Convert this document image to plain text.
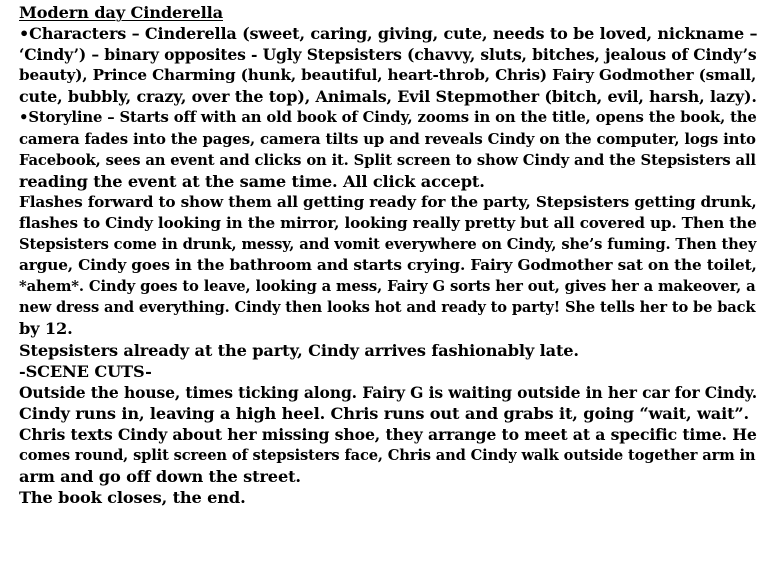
Modern day Cinderella
•Characters – Cinderella (sweet, caring, giving, cute, needs to be loved, nickname –
‘Cindy’) – binary opposites - Ugly Stepsisters (chavvy, sluts, bitches, jealous of Cindy’s
beauty), Prince Charming (hunk, beautiful, heart-throb, Chris) Fairy Godmother (small,
cute, bubbly, crazy, over the top), Animals, Evil Stepmother (bitch, evil, harsh, lazy).
•Storyline – Starts off with an old book of Cindy, zooms in on the title, opens the book, the
camera fades into the pages, camera tilts up and reveals Cindy on the computer, logs into
Facebook, sees an event and clicks on it. Split screen to show Cindy and the Stepsisters all
reading the event at the same time. All click accept.
Flashes forward to show them all getting ready for the party, Stepsisters getting drunk,
flashes to Cindy looking in the mirror, looking really pretty but all covered up. Then the
Stepsisters come in drunk, messy, and vomit everywhere on Cindy, she’s fuming. Then they
argue, Cindy goes in the bathroom and starts crying. Fairy Godmother sat on the toilet,
*ahem*. Cindy goes to leave, looking a mess, Fairy G sorts her out, gives her a makeover, a
new dress and everything. Cindy then looks hot and ready to party! She tells her to be back
by 12.
Stepsisters already at the party, Cindy arrives fashionably late.
-SCENE CUTS-
Outside the house, times ticking along. Fairy G is waiting outside in her car for Cindy.
Cindy runs in, leaving a high heel. Chris runs out and grabs it, going “wait, wait”.
Chris texts Cindy about her missing shoe, they arrange to meet at a specific time. He
comes round, split screen of stepsisters face, Chris and Cindy walk outside together arm in
arm and go off down the street.
The book closes, the end.
